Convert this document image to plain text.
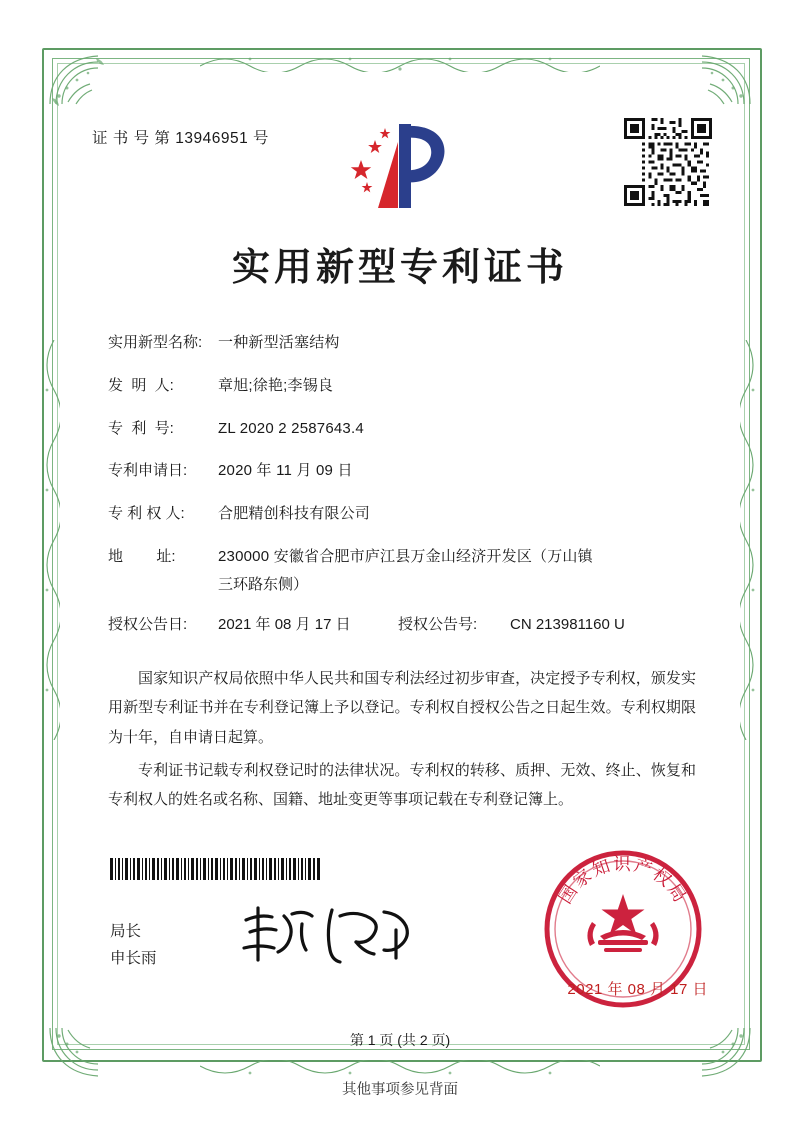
证 书 号 第 13946951 号
实用新型专利证书
实用新型名称:	一种新型活塞结构
发  明  人:	章旭;徐艳;李锡良
专  利  号:	ZL 2020 2 2587643.4
专利申请日:	2020 年 11 月 09 日
专 利 权 人:	合肥精创科技有限公司
地        址:	230000 安徽省合肥市庐江县万金山经济开发区（万山镇
三环路东侧）
授权公告日:	2021 年 08 月 17 日	授权公告号:	CN 213981160 U

国家知识产权局依照中华人民共和国专利法经过初步审查，决定授予专利权，颁发实用新型专利证书并在专利登记簿上予以登记。专利权自授权公告之日起生效。专利权期限为十年，自申请日起算。

专利证书记载专利权登记时的法律状况。专利权的转移、质押、无效、终止、恢复和专利权人的姓名或名称、国籍、地址变更等事项记载在专利登记簿上。

局长
申长雨
国家知识产权局
2021 年 08 月 17 日
第 1 页 (共 2 页)
其他事项参见背面
